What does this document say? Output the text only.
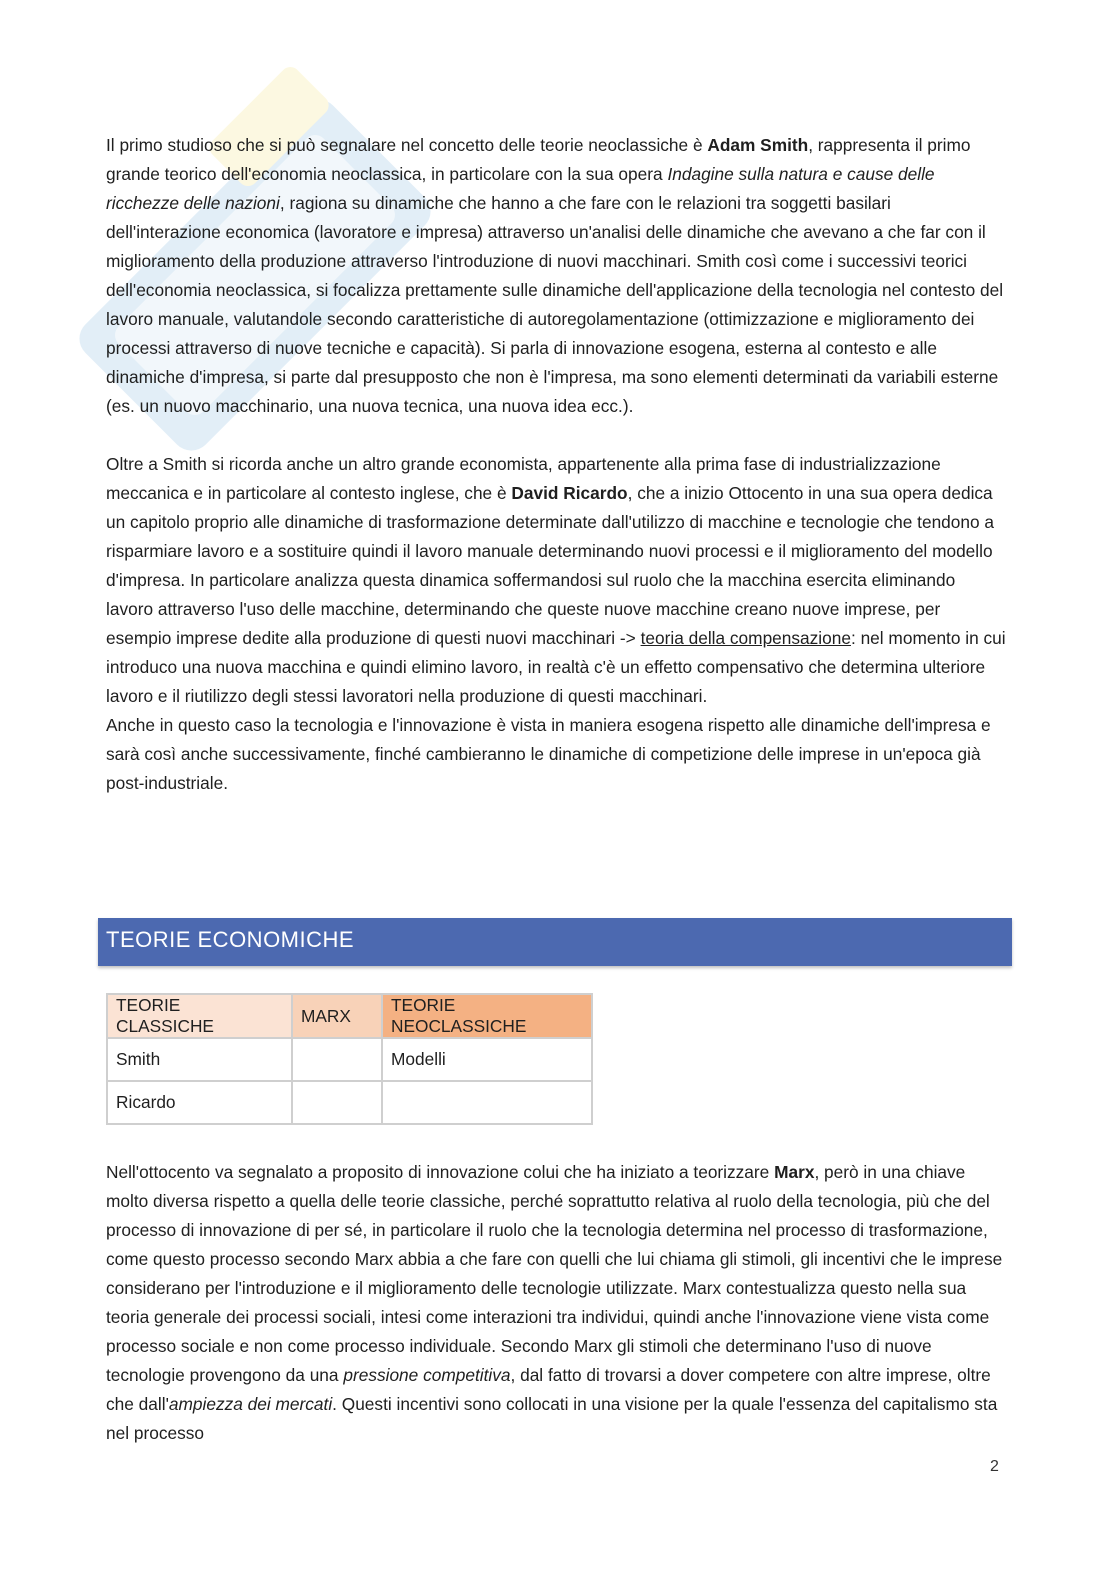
Il primo studioso che si può segnalare nel concetto delle teorie neoclassiche è Adam Smith, rappresenta il primo grande teorico dell'economia neoclassica, in particolare con la sua opera Indagine sulla natura e cause delle ricchezze delle nazioni, ragiona su dinamiche che hanno a che fare con le relazioni tra soggetti basilari dell'interazione economica (lavoratore e impresa) attraverso un'analisi delle dinamiche che avevano a che far con il miglioramento della produzione attraverso l'introduzione di nuovi macchinari. Smith così come i successivi teorici dell'economia neoclassica, si focalizza prettamente sulle dinamiche dell'applicazione della tecnologia nel contesto del lavoro manuale, valutandole secondo caratteristiche di autoregolamentazione (ottimizzazione e miglioramento dei processi attraverso di nuove tecniche e capacità). Si parla di innovazione esogena, esterna al contesto e alle dinamiche d'impresa, si parte dal presupposto che non è l'impresa, ma sono elementi determinati da variabili esterne (es. un nuovo macchinario, una nuova tecnica, una nuova idea ecc.).

Oltre a Smith si ricorda anche un altro grande economista, appartenente alla prima fase di industrializzazione meccanica e in particolare al contesto inglese, che è David Ricardo, che a inizio Ottocento in una sua opera dedica un capitolo proprio alle dinamiche di trasformazione determinate dall'utilizzo di macchine e tecnologie che tendono a risparmiare lavoro e a sostituire quindi il lavoro manuale determinando nuovi processi e il miglioramento del modello d'impresa. In particolare analizza questa dinamica soffermandosi sul ruolo che la macchina esercita eliminando lavoro attraverso l'uso delle macchine, determinando che queste nuove macchine creano nuove imprese, per esempio imprese dedite alla produzione di questi nuovi macchinari -> teoria della compensazione: nel momento in cui introduco una nuova macchina e quindi elimino lavoro, in realtà c'è un effetto compensativo che determina ulteriore lavoro e il riutilizzo degli stessi lavoratori nella produzione di questi macchinari.

Anche in questo caso la tecnologia e l'innovazione è vista in maniera esogena rispetto alle dinamiche dell'impresa e sarà così anche successivamente, finché cambieranno le dinamiche di competizione delle imprese in un'epoca già post-industriale.

TEORIE ECONOMICHE
TEORIE CLASSICHE	MARX	TEORIE NEOCLASSICHE
Smith		Modelli
Ricardo		

Nell'ottocento va segnalato a proposito di innovazione colui che ha iniziato a teorizzare Marx, però in una chiave molto diversa rispetto a quella delle teorie classiche, perché soprattutto relativa al ruolo della tecnologia, più che del processo di innovazione di per sé, in particolare il ruolo che la tecnologia determina nel processo di trasformazione, come questo processo secondo Marx abbia a che fare con quelli che lui chiama gli stimoli, gli incentivi che le imprese considerano per l'introduzione e il miglioramento delle tecnologie utilizzate. Marx contestualizza questo nella sua teoria generale dei processi sociali, intesi come interazioni tra individui, quindi anche l'innovazione viene vista come processo sociale e non come processo individuale. Secondo Marx gli stimoli che determinano l'uso di nuove tecnologie provengono da una pressione competitiva, dal fatto di trovarsi a dover competere con altre imprese, oltre che dall'ampiezza dei mercati. Questi incentivi sono collocati in una visione per la quale l'essenza del capitalismo sta nel processo

2
